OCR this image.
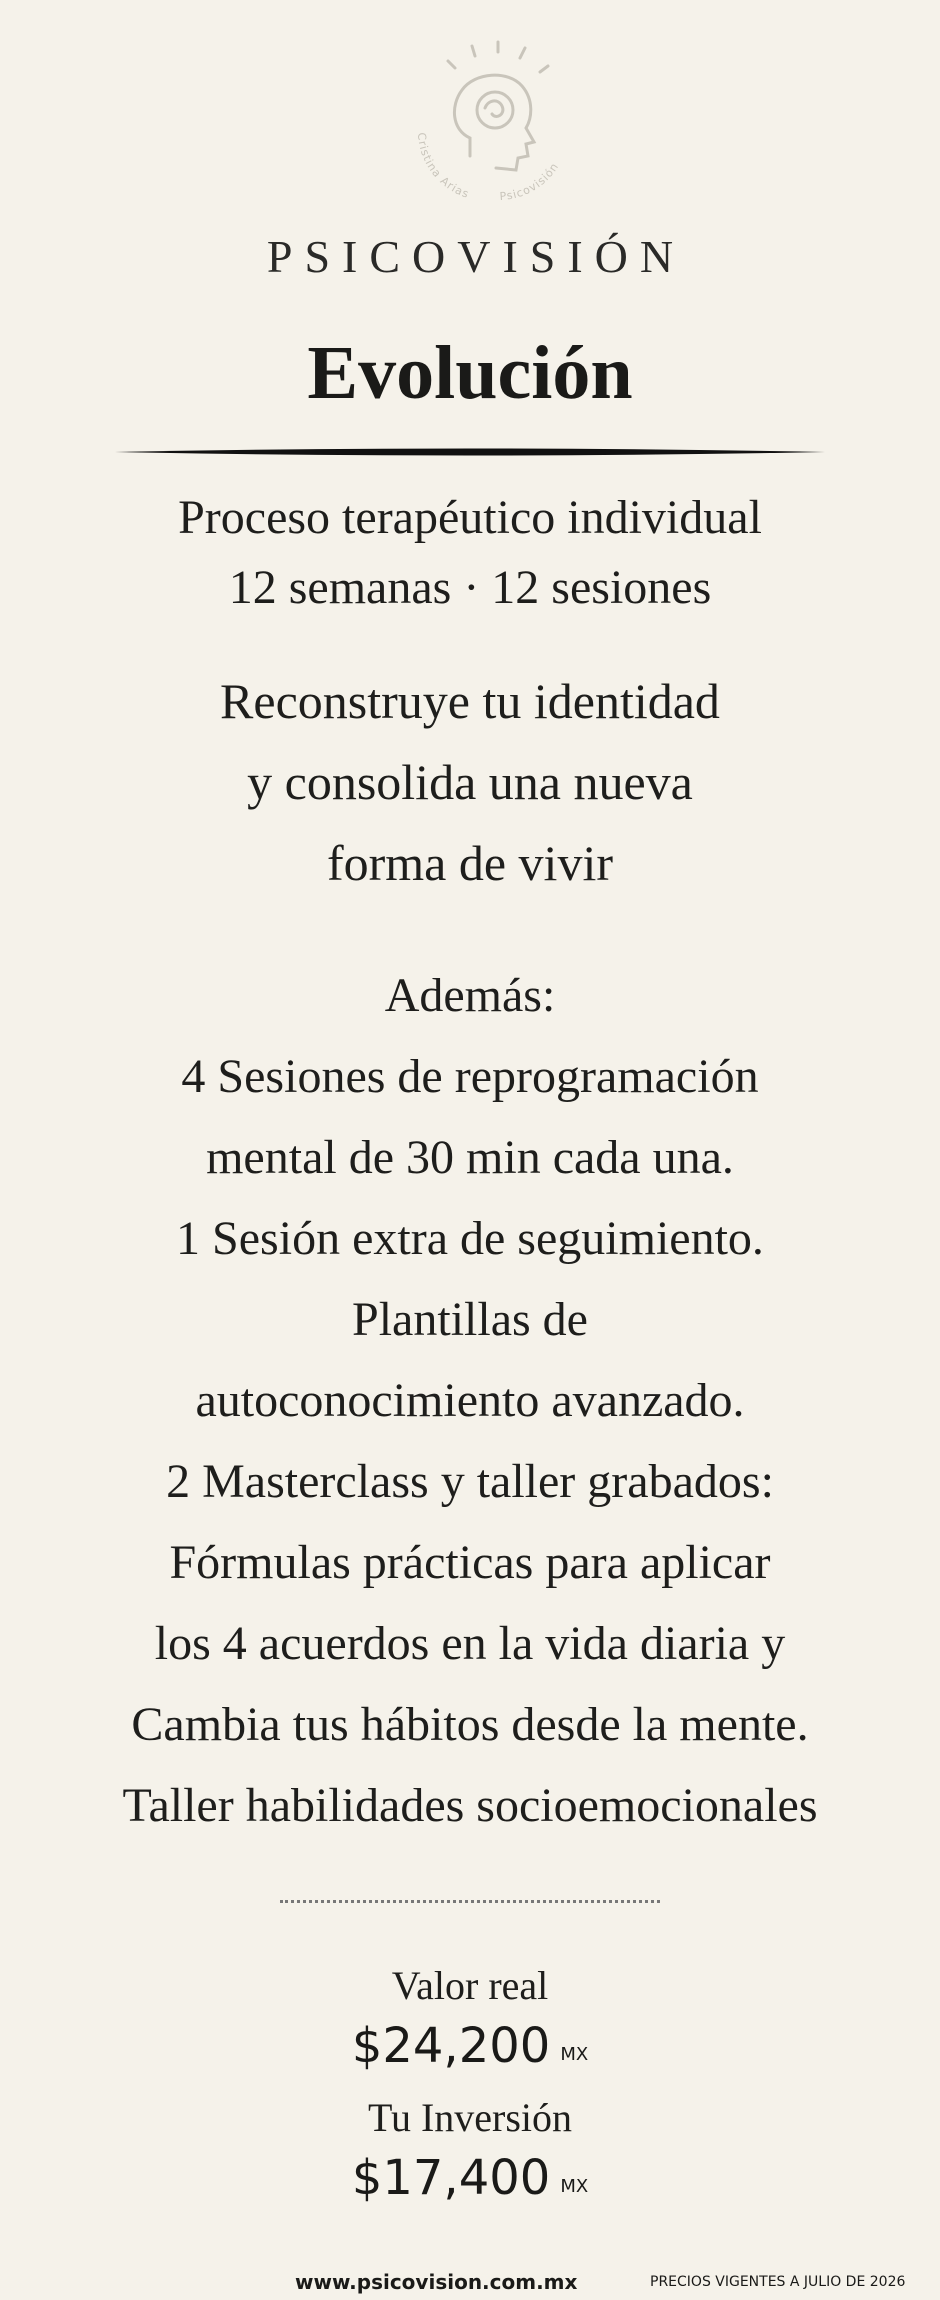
Cristina Arias	Psicovisión
PSICOVISIÓN
Evolución
Proceso terapéutico individual
12 semanas · 12 sesiones
Reconstruye tu identidad
y consolida una nueva
forma de vivir
Además:
4 Sesiones de reprogramación
mental de 30 min cada una.
1 Sesión extra de seguimiento.
Plantillas de
autoconocimiento avanzado.
2 Masterclass y taller grabados:
Fórmulas prácticas para aplicar
los 4 acuerdos en la vida diaria y
Cambia tus hábitos desde la mente.
Taller habilidades socioemocionales
Valor real
$24,200 MX
Tu Inversión
$17,400 MX
www.psicovision.com.mx	PRECIOS VIGENTES A JULIO DE 2026
